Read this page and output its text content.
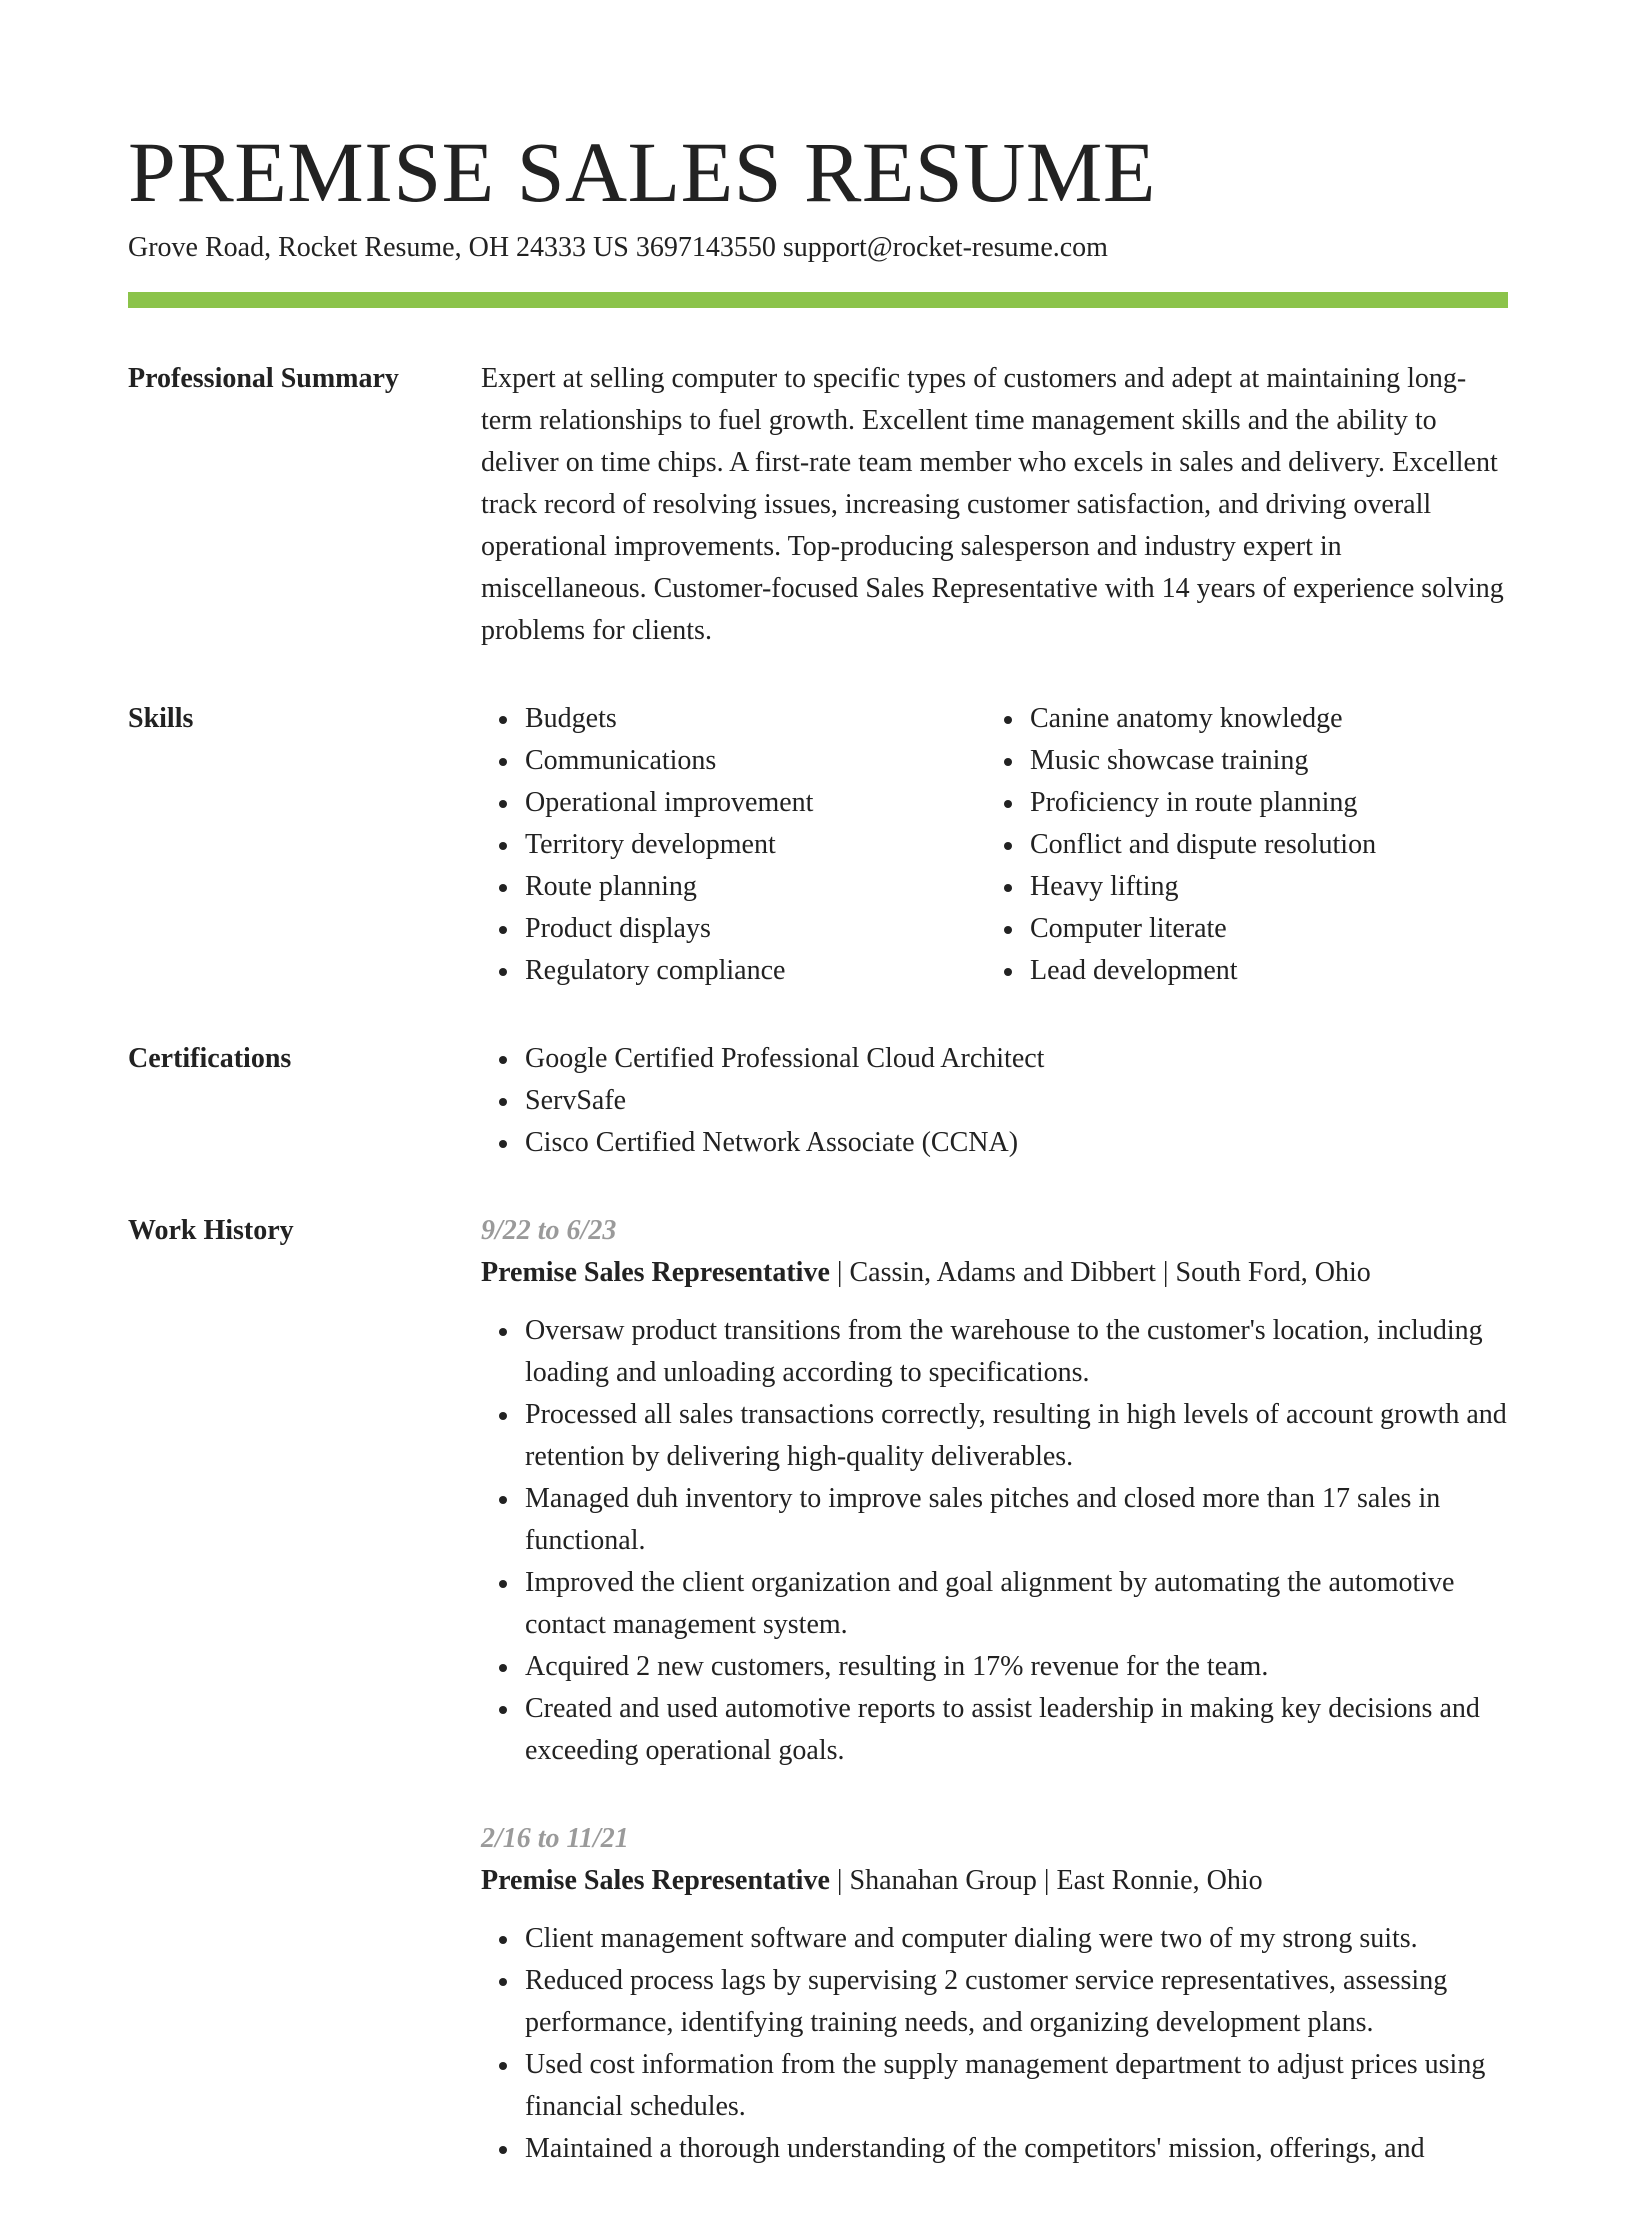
PREMISE SALES RESUME
Grove Road, Rocket Resume, OH 24333 US 3697143550 support@rocket-resume.com
Professional Summary	Expert at selling computer to specific types of customers and adept at maintaining long-term relationships to fuel growth. Excellent time management skills and the ability to deliver on time chips. A first-rate team member who excels in sales and delivery. Excellent track record of resolving issues, increasing customer satisfaction, and driving overall operational improvements. Top-producing salesperson and industry expert in miscellaneous. Customer-focused Sales Representative with 14 years of experience solving problems for clients.

Skills	Budgets
Communications
Operational improvement
Territory development
Route planning
Product displays
Regulatory compliance
Canine anatomy knowledge
Music showcase training
Proficiency in route planning
Conflict and dispute resolution
Heavy lifting
Computer literate
Lead development
Certifications	Google Certified Professional Cloud Architect
ServSafe
Cisco Certified Network Associate (CCNA)
Work History	9/22 to 6/23
Premise Sales Representative | Cassin, Adams and Dibbert | South Ford, Ohio
Oversaw product transitions from the warehouse to the customer's location, including loading and unloading according to specifications.
Processed all sales transactions correctly, resulting in high levels of account growth and retention by delivering high-quality deliverables.
Managed duh inventory to improve sales pitches and closed more than 17 sales in functional.
Improved the client organization and goal alignment by automating the automotive contact management system.
Acquired 2 new customers, resulting in 17% revenue for the team.
Created and used automotive reports to assist leadership in making key decisions and exceeding operational goals.
2/16 to 11/21
Premise Sales Representative | Shanahan Group | East Ronnie, Ohio
Client management software and computer dialing were two of my strong suits.
Reduced process lags by supervising 2 customer service representatives, assessing performance, identifying training needs, and organizing development plans.
Used cost information from the supply management department to adjust prices using financial schedules.
Maintained a thorough understanding of the competitors' mission, offerings, and
